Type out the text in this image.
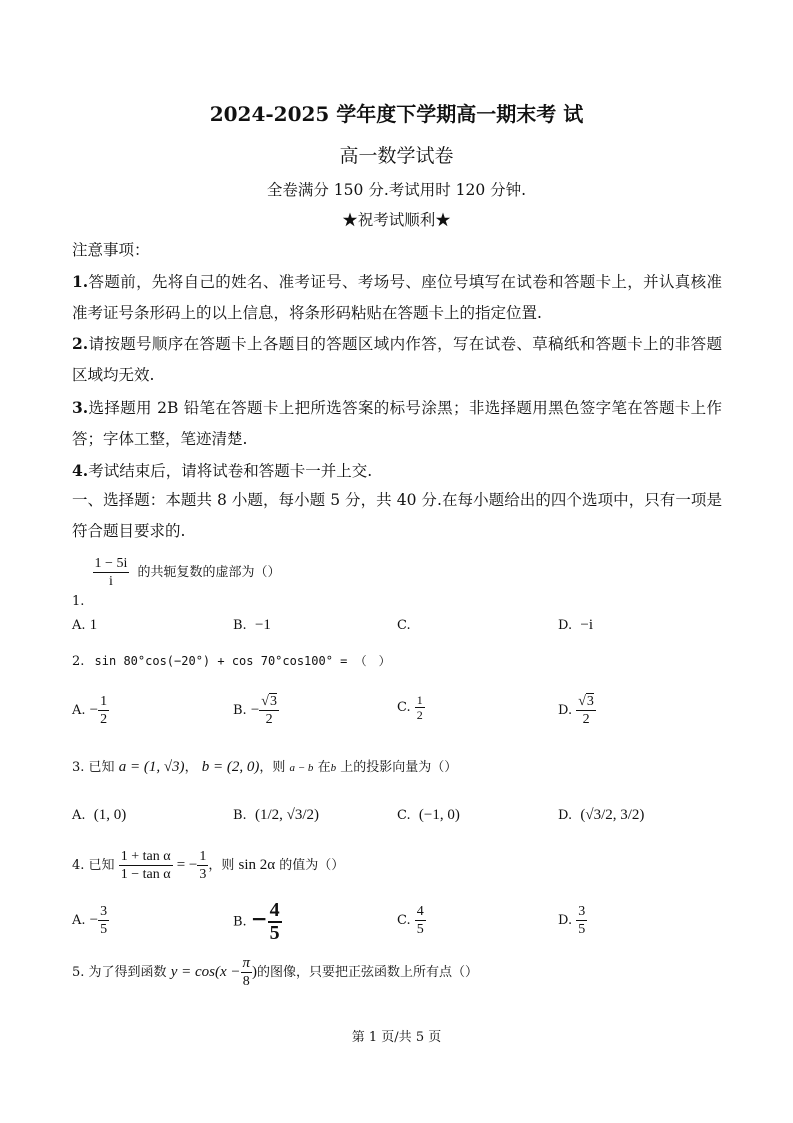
2024-2025 学年度下学期高一期末考 试
高一数学试卷
全卷满分 150 分.考试用时 120 分钟.
★祝考试顺利★
注意事项：
1.答题前，先将自己的姓名、准考证号、考场号、座位号填写在试卷和答题卡上，并认真核准准考证号条形码上的以上信息，将条形码粘贴在答题卡上的指定位置.
2.请按题号顺序在答题卡上各题目的答题区域内作答，写在试卷、草稿纸和答题卡上的非答题区域均无效.
3.选择题用 2B 铅笔在答题卡上把所选答案的标号涂黑；非选择题用黑色签字笔在答题卡上作答；字体工整，笔迹清楚.
4.考试结束后，请将试卷和答题卡一并上交.
一、选择题：本题共 8 小题，每小题 5 分，共 40 分.在每小题给出的四个选项中，只有一项是符合题目要求的.
1.
$\frac{1 - 5i}{i}$ 的共轭复数的虚部为（）
A. 1	B. −1	C.	D. −i
2. sin 80°cos(−20°) + cos 70°cos100° = （　）
A. − $\frac{1}{2}$	B. − $\frac{√3}{2}$	C. $\frac{1}{2}$	D. $\frac{√3}{2}$
3. 已知 a = (1, √3)， b = (2, 0)，则 a − b 在b 上的投影向量为（）
A. (1, 0)	B. (1/2, √3/2)	C. (−1, 0)	D. (√3/2, 3/2)
4. 已知 $\frac{\text{1 + tan α}}{\text{1 − tan α}}$ = − $\frac{1}{3}$ ，则 sin 2α 的值为（）
A. − $\frac{3}{5}$	B. − $\frac{4}{5}$	C. $\frac{4}{5}$	D. $\frac{3}{5}$
5. 为了得到函数 $y = \cos(x - \frac{\pi}{8}$ )的图像，只要把正弦函数上所有点（）
第 1 页/共 5 页
